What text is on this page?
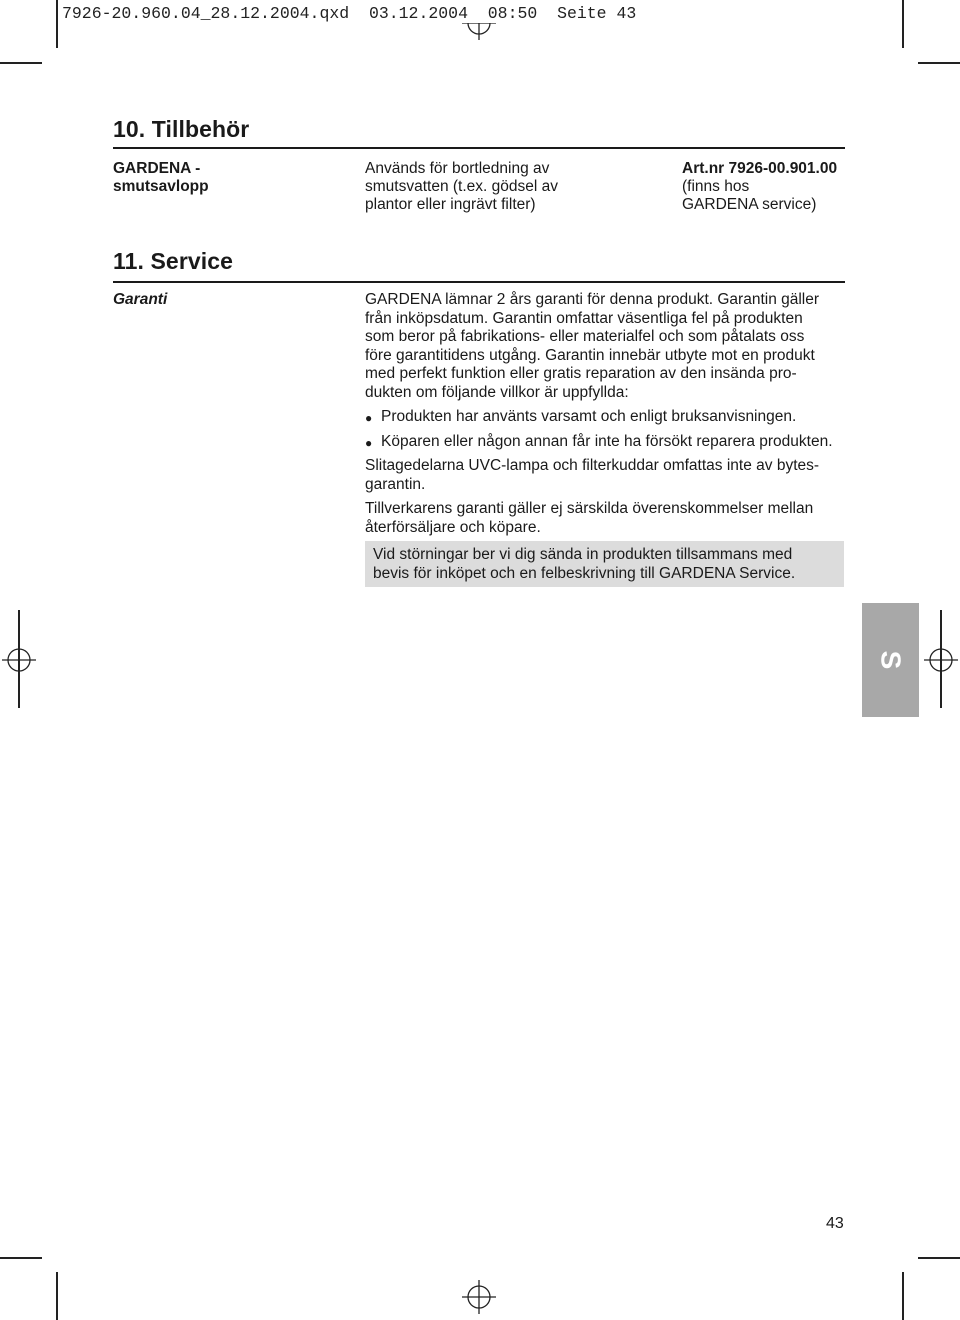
7926-20.960.04_28.12.2004.qxd  03.12.2004  08:50  Seite 43
10. Tillbehör
GARDENA -
smutsavlopp
Används för bortledning av
smutsvatten (t.ex. gödsel av
plantor eller ingrävt filter)
Art.nr 7926-00.901.00
(finns hos
GARDENA service)
11. Service
Garanti	GARDENA lämnar 2 års garanti för denna produkt. Garantin gäller
från inköpsdatum. Garantin omfattar väsentliga fel på produkten
som beror på fabrikations- eller materialfel och som påtalats oss
före garantitidens utgång. Garantin innebär utbyte mot en produkt
med perfekt funktion eller gratis reparation av den insända pro-
dukten om följande villkor är uppfyllda:

● Produkten har använts varsamt och enligt bruksanvisningen.
● Köparen eller någon annan får inte ha försökt reparera produkten.

Slitagedelarna UVC-lampa och filterkuddar omfattas inte av bytes-
garantin.

Tillverkarens garanti gäller ej särskilda överenskommelser mellan
återförsäljare och köpare.

Vid störningar ber vi dig sända in produkten tillsammans med
bevis för inköpet och en felbeskrivning till GARDENA Service.
S
43
